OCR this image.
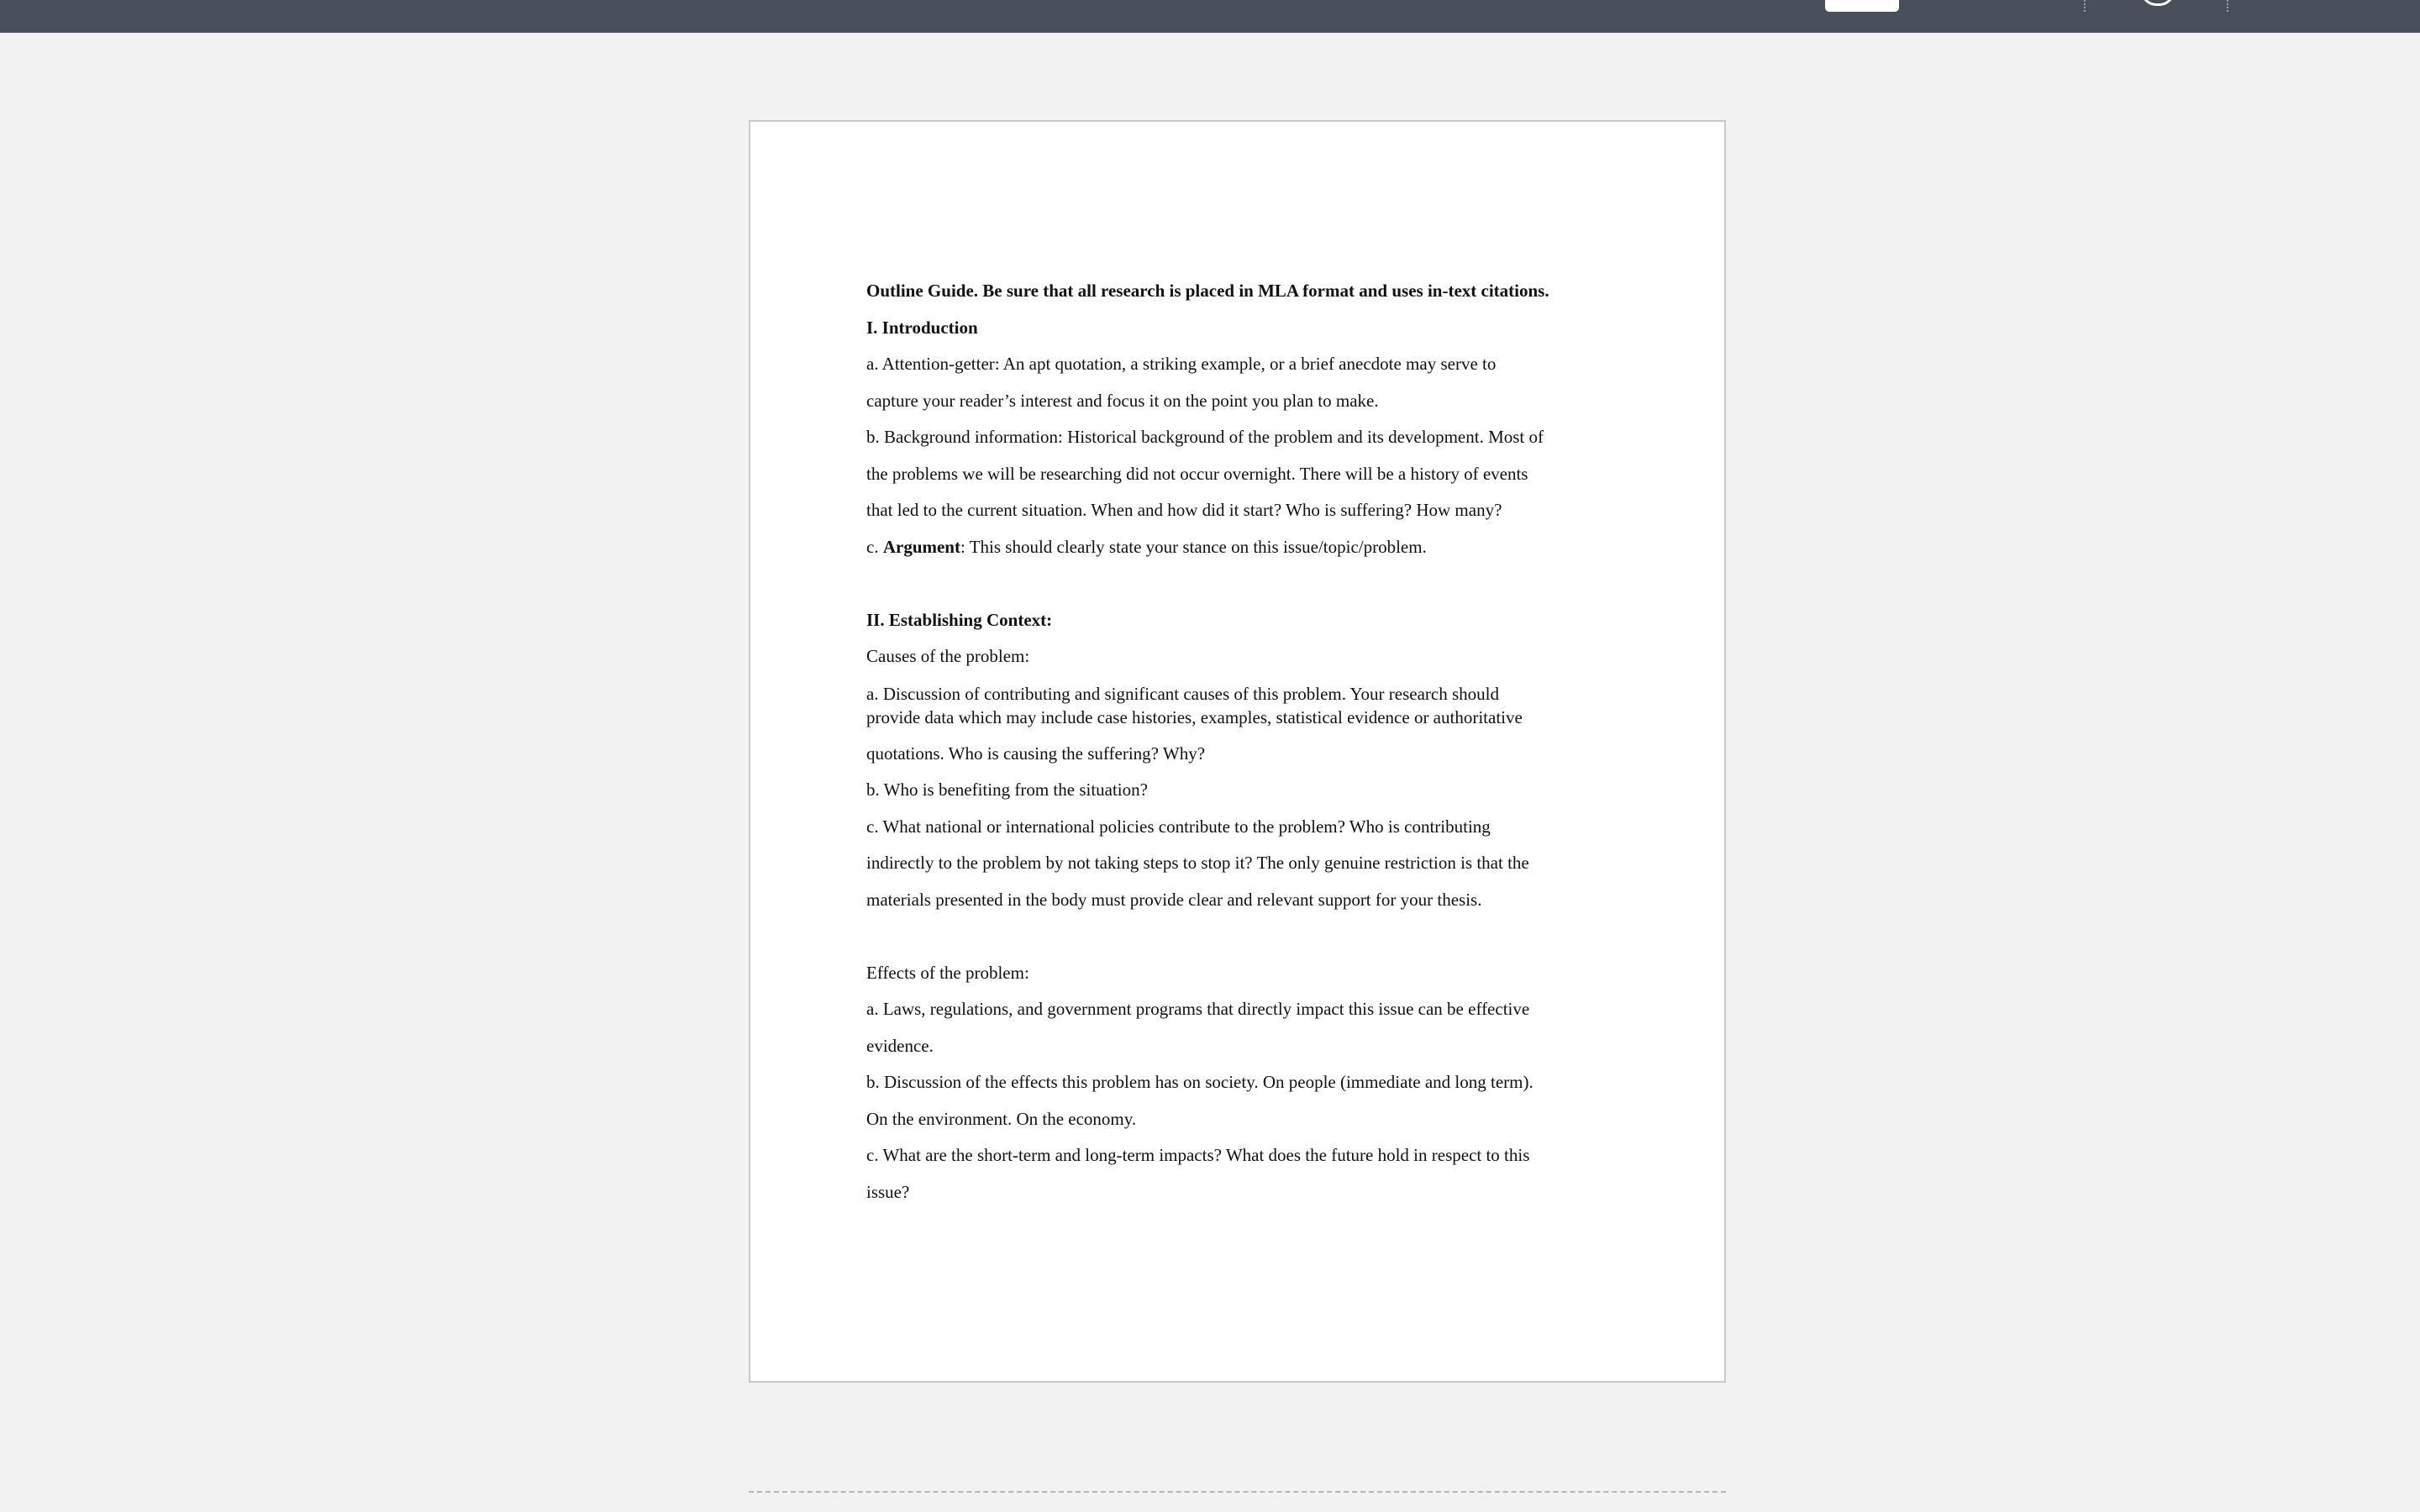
Outline Guide. Be sure that all research is placed in MLA format and uses in-text citations.

I. Introduction

a. Attention-getter: An apt quotation, a striking example, or a brief anecdote may serve to

capture your reader’s interest and focus it on the point you plan to make.

b. Background information: Historical background of the problem and its development. Most of

the problems we will be researching did not occur overnight. There will be a history of events

that led to the current situation. When and how did it start? Who is suffering? How many?

c. Argument: This should clearly state your stance on this issue/topic/problem.

II. Establishing Context:

Causes of the problem:

a. Discussion of contributing and significant causes of this problem. Your research should

provide data which may include case histories, examples, statistical evidence or authoritative

quotations. Who is causing the suffering? Why?

b. Who is benefiting from the situation?

c. What national or international policies contribute to the problem? Who is contributing

indirectly to the problem by not taking steps to stop it? The only genuine restriction is that the

materials presented in the body must provide clear and relevant support for your thesis.

Effects of the problem:

a. Laws, regulations, and government programs that directly impact this issue can be effective

evidence.

b. Discussion of the effects this problem has on society. On people (immediate and long term).

On the environment. On the economy.

c. What are the short-term and long-term impacts? What does the future hold in respect to this

issue?
